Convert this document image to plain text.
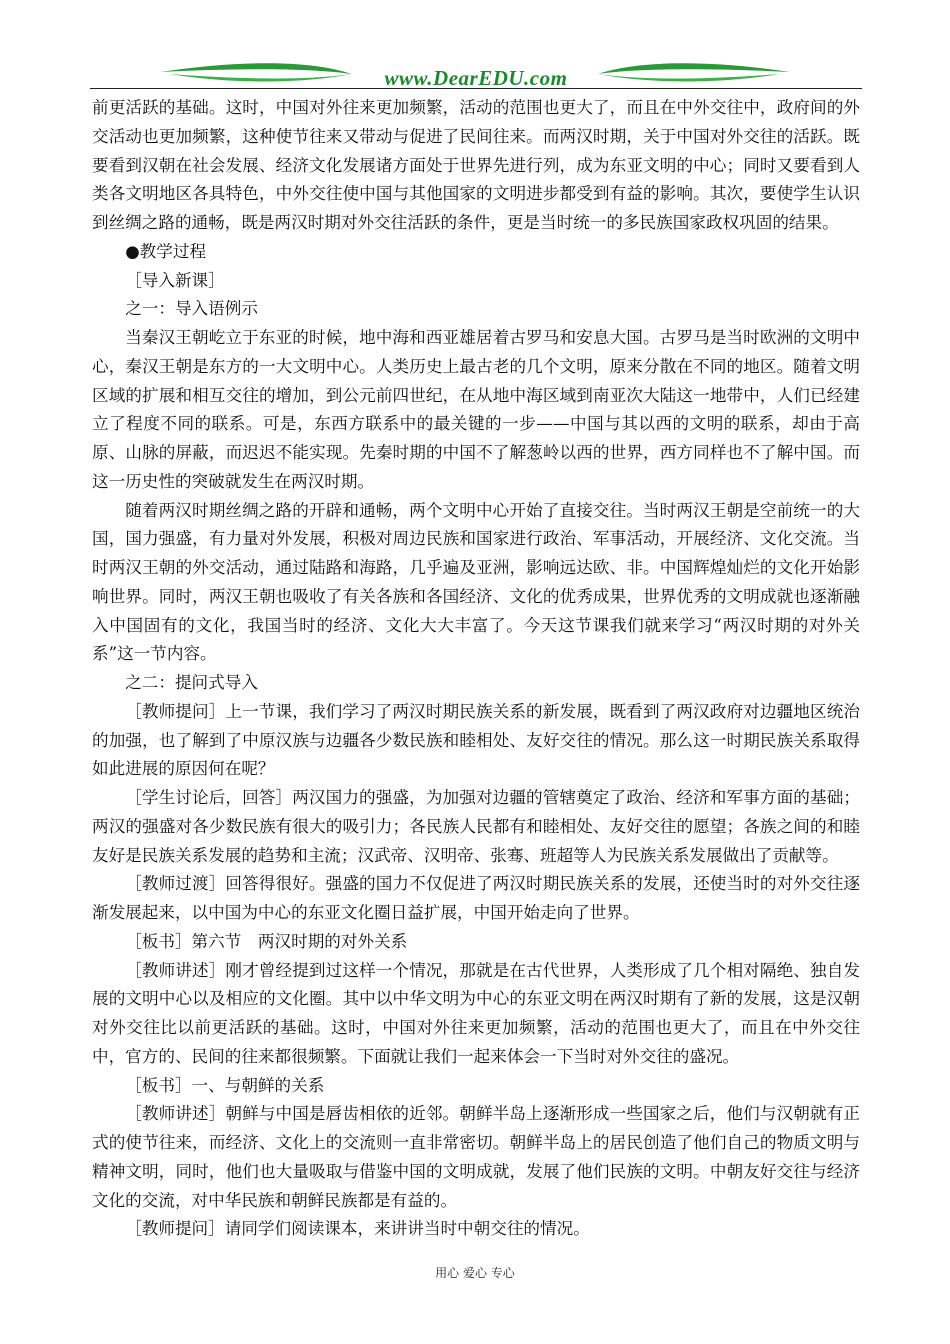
www.DearEDU.com

前更活跃的基础。这时，中国对外往来更加频繁，活动的范围也更大了，而且在中外交往中，政府间的外交活动也更加频繁，这种使节往来又带动与促进了民间往来。而两汉时期，关于中国对外交往的活跃。既要看到汉朝在社会发展、经济文化发展诸方面处于世界先进行列，成为东亚文明的中心；同时又要看到人类各文明地区各具特色，中外交往使中国与其他国家的文明进步都受到有益的影响。其次，要使学生认识到丝绸之路的通畅，既是两汉时期对外交往活跃的条件，更是当时统一的多民族国家政权巩固的结果。

●教学过程

［导入新课］

之一：导入语例示

当秦汉王朝屹立于东亚的时候，地中海和西亚雄居着古罗马和安息大国。古罗马是当时欧洲的文明中心，秦汉王朝是东方的一大文明中心。人类历史上最古老的几个文明，原来分散在不同的地区。随着文明区域的扩展和相互交往的增加，到公元前四世纪，在从地中海区域到南亚次大陆这一地带中，人们已经建立了程度不同的联系。可是，东西方联系中的最关键的一步——中国与其以西的文明的联系，却由于高原、山脉的屏蔽，而迟迟不能实现。先秦时期的中国不了解葱岭以西的世界，西方同样也不了解中国。而这一历史性的突破就发生在两汉时期。

随着两汉时期丝绸之路的开辟和通畅，两个文明中心开始了直接交往。当时两汉王朝是空前统一的大国，国力强盛，有力量对外发展，积极对周边民族和国家进行政治、军事活动，开展经济、文化交流。当时两汉王朝的外交活动，通过陆路和海路，几乎遍及亚洲，影响远达欧、非。中国辉煌灿烂的文化开始影响世界。同时，两汉王朝也吸收了有关各族和各国经济、文化的优秀成果，世界优秀的文明成就也逐渐融入中国固有的文化，我国当时的经济、文化大大丰富了。今天这节课我们就来学习“两汉时期的对外关系”这一节内容。

之二：提问式导入

［教师提问］上一节课，我们学习了两汉时期民族关系的新发展，既看到了两汉政府对边疆地区统治的加强，也了解到了中原汉族与边疆各少数民族和睦相处、友好交往的情况。那么这一时期民族关系取得如此进展的原因何在呢？

［学生讨论后，回答］两汉国力的强盛，为加强对边疆的管辖奠定了政治、经济和军事方面的基础；两汉的强盛对各少数民族有很大的吸引力；各民族人民都有和睦相处、友好交往的愿望；各族之间的和睦友好是民族关系发展的趋势和主流；汉武帝、汉明帝、张骞、班超等人为民族关系发展做出了贡献等。

［教师过渡］回答得很好。强盛的国力不仅促进了两汉时期民族关系的发展，还使当时的对外交往逐渐发展起来，以中国为中心的东亚文化圈日益扩展，中国开始走向了世界。

［板书］第六节　两汉时期的对外关系

［教师讲述］刚才曾经提到过这样一个情况，那就是在古代世界，人类形成了几个相对隔绝、独自发展的文明中心以及相应的文化圈。其中以中华文明为中心的东亚文明在两汉时期有了新的发展，这是汉朝对外交往比以前更活跃的基础。这时，中国对外往来更加频繁，活动的范围也更大了，而且在中外交往中，官方的、民间的往来都很频繁。下面就让我们一起来体会一下当时对外交往的盛况。

［板书］一、与朝鲜的关系

［教师讲述］朝鲜与中国是唇齿相依的近邻。朝鲜半岛上逐渐形成一些国家之后，他们与汉朝就有正式的使节往来，而经济、文化上的交流则一直非常密切。朝鲜半岛上的居民创造了他们自己的物质文明与精神文明，同时，他们也大量吸取与借鉴中国的文明成就，发展了他们民族的文明。中朝友好交往与经济文化的交流，对中华民族和朝鲜民族都是有益的。

［教师提问］请同学们阅读课本，来讲讲当时中朝交往的情况。

用心 爱心 专心
